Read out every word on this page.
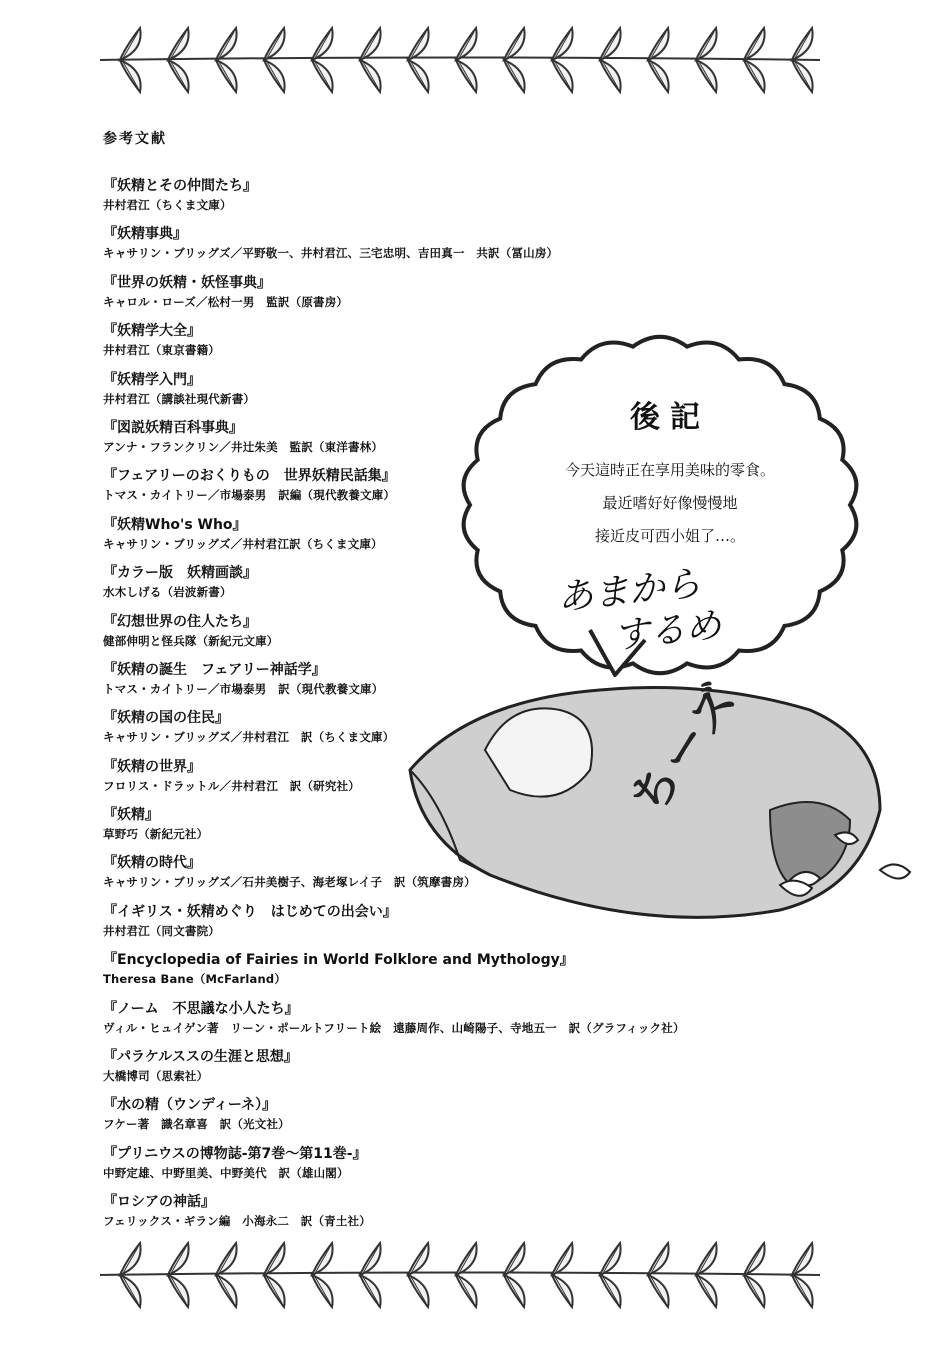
参考文献
『妖精とその仲間たち』
井村君江（ちくま文庫）
『妖精事典』
キャサリン・ブリッグズ／平野敬一、井村君江、三宅忠明、吉田真一　共訳（冨山房）
『世界の妖精・妖怪事典』
キャロル・ローズ／松村一男　監訳（原書房）
『妖精学大全』
井村君江（東京書籍）
『妖精学入門』
井村君江（講談社現代新書）
『図説妖精百科事典』
アンナ・フランクリン／井辻朱美　監訳（東洋書林）
『フェアリーのおくりもの　世界妖精民話集』
トマス・カイトリー／市場泰男　訳編（現代教養文庫）
『妖精Who's Who』
キャサリン・ブリッグズ／井村君江訳（ちくま文庫）
『カラー版　妖精画談』
水木しげる（岩波新書）
『幻想世界の住人たち』
健部伸明と怪兵隊（新紀元文庫）
『妖精の誕生　フェアリー神話学』
トマス・カイトリー／市場泰男　訳（現代教養文庫）
『妖精の国の住民』
キャサリン・ブリッグズ／井村君江　訳（ちくま文庫）
『妖精の世界』
フロリス・ドラットル／井村君江　訳（研究社）
『妖精』
草野巧（新紀元社）
『妖精の時代』
キャサリン・ブリッグズ／石井美樹子、海老塚レイ子　訳（筑摩書房）
『イギリス・妖精めぐり　はじめての出会い』
井村君江（同文書院）
『Encyclopedia of Fairies in World Folklore and Mythology』
Theresa Bane（McFarland）
『ノーム　不思議な小人たち』
ヴィル・ヒュイゲン著　リーン・ポールトフリート絵　遠藤周作、山崎陽子、寺地五一　訳（グラフィック社）
『パラケルススの生涯と思想』
大橋博司（思索社）
『水の精（ウンディーネ）』
フケー著　識名章喜　訳（光文社）
『プリニウスの博物誌-第7巻～第11巻-』
中野定雄、中野里美、中野美代　訳（雄山閣）
『ロシアの神話』
フェリックス・ギラン編　小海永二　訳（青土社）
後記
今天這時正在享用美味的零食。
最近嗜好好像慢慢地
接近皮可西小姐了…。
あまから
するめ
ちーズ
